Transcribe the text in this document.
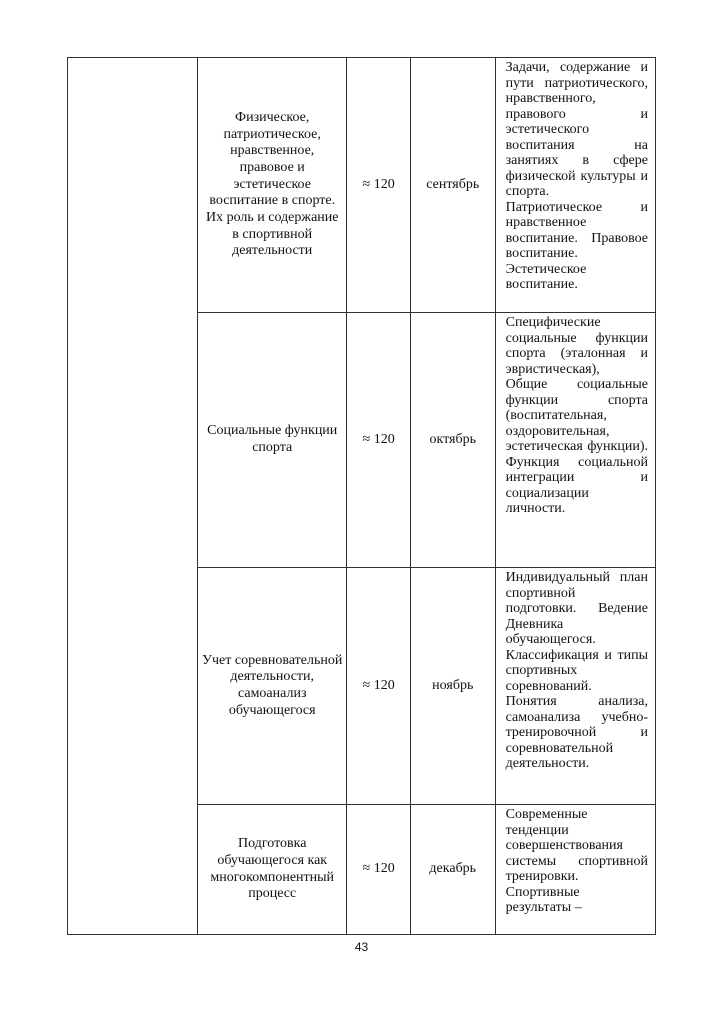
	Физическое, патриотическое, нравственное, правовое и эстетическое воспитание в спорте. Их роль и содержание в спортивной деятельности	≈ 120	сентябрь	Задачи, содержание и пути патриотического, нравственного, правового и эстетического воспитания на занятиях в сфере физической культуры и спорта. Патриотическое и нравственное воспитание. Правовое воспитание. Эстетическое воспитание.

	Социальные функции спорта	≈ 120	октябрь	Специфические социальные функции спорта (эталонная и эвристическая),

Общие социальные функции спорта (воспитательная, оздоровительная, эстетическая функции). Функция социальной интеграции и социализации личности.

	Учет соревновательной деятельности, самоанализ обучающегося	≈ 120	ноябрь	Индивидуальный план спортивной подготовки. Ведение Дневника обучающегося.

Классификация и типы спортивных соревнований.

Понятия анализа, самоанализа учебно-тренировочной и соревновательной деятельности.

	Подготовка обучающегося как многокомпонентный процесс	≈ 120	декабрь	Современные тенденции совершенствования системы спортивной тренировки.

Спортивные результаты –

43
